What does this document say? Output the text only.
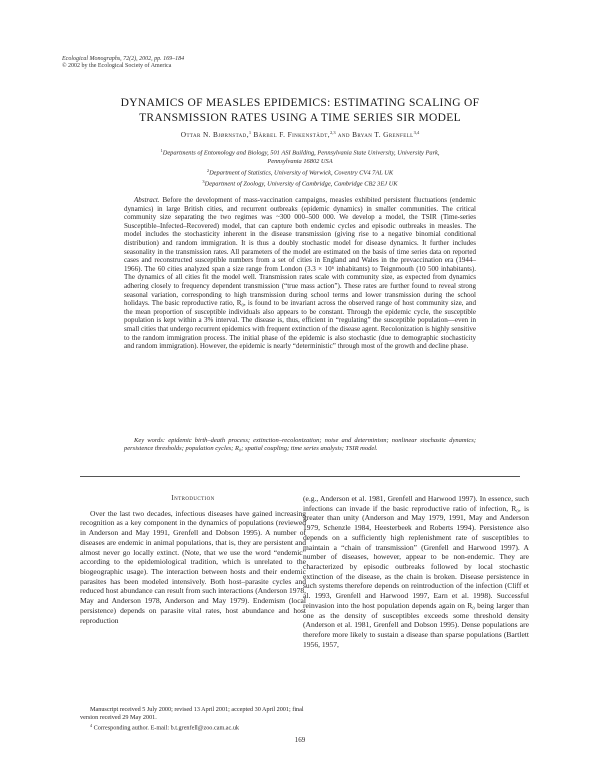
Ecological Monographs, 72(2), 2002, pp. 169–184
© 2002 by the Ecological Society of America
DYNAMICS OF MEASLES EPIDEMICS: ESTIMATING SCALING OF
TRANSMISSION RATES USING A TIME SERIES SIR MODEL
Ottar N. Bjørnstad,$^1$ Bärbel F. Finkenstädt,$^{2,3}$ and Bryan T. Grenfell$^{3,4}$
$^1$Departments of Entomology and Biology, 501 ASI Building, Pennsylvania State University, University Park,
Pennsylvania 16802 USA
$^2$Department of Statistics, University of Warwick, Coventry CV4 7AL UK
$^3$Department of Zoology, University of Cambridge, Cambridge CB2 3EJ UK
Abstract. Before the development of mass-vaccination campaigns, measles exhibited persistent fluctuations (endemic dynamics) in large British cities, and recurrent outbreaks (epidemic dynamics) in smaller communities. The critical community size separating the two regimes was ~300 000–500 000. We develop a model, the TSIR (Time-series Susceptible–Infected–Recovered) model, that can capture both endemic cycles and episodic outbreaks in measles. The model includes the stochasticity inherent in the disease transmission (giving rise to a negative binomial conditional distribution) and random immigration. It is thus a doubly stochastic model for disease dynamics. It further includes seasonality in the transmission rates. All parameters of the model are estimated on the basis of time series data on reported cases and reconstructed susceptible numbers from a set of cities in England and Wales in the prevaccination era (1944–1966). The 60 cities analyzed span a size range from London (3.3 × 10⁶ inhabitants) to Teignmouth (10 500 inhabitants). The dynamics of all cities fit the model well. Transmission rates scale with community size, as expected from dynamics adhering closely to frequency dependent transmission (“true mass action”). These rates are further found to reveal strong seasonal variation, corresponding to high transmission during school terms and lower transmission during the school holidays. The basic reproductive ratio, R₀, is found to be invariant across the observed range of host community size, and the mean proportion of susceptible individuals also appears to be constant. Through the epidemic cycle, the susceptible population is kept within a 3% interval. The disease is, thus, efficient in “regulating” the susceptible population—even in small cities that undergo recurrent epidemics with frequent extinction of the disease agent. Recolonization is highly sensitive to the random immigration process. The initial phase of the epidemic is also stochastic (due to demographic stochasticity and random immigration). However, the epidemic is nearly “deterministic” through most of the growth and decline phase.
Key words: epidemic birth–death process; extinction–recolonization; noise and determinism; nonlinear stochastic dynamics; persistence thresholds; population cycles; R₀; spatial coupling; time series analysis; TSIR model.
Introduction

Over the last two decades, infectious diseases have gained increasing recognition as a key component in the dynamics of populations (reviewed in Anderson and May 1991, Grenfell and Dobson 1995). A number of diseases are endemic in animal populations, that is, they are persistent and almost never go locally extinct. (Note, that we use the word “endemic” according to the epidemiological tradition, which is unrelated to the biogeographic usage). The interaction between hosts and their endemic parasites has been modeled intensively. Both host–parasite cycles and reduced host abundance can result from such interactions (Anderson 1978, May and Anderson 1978, Anderson and May 1979). Endemism (local persistence) depends on parasite vital rates, host abundance and host reproduction

(e.g., Anderson et al. 1981, Grenfell and Harwood 1997). In essence, such infections can invade if the basic reproductive ratio of infection, R₀, is greater than unity (Anderson and May 1979, 1991, May and Anderson 1979, Schenzle 1984, Heesterbeek and Roberts 1994). Persistence also depends on a sufficiently high replenishment rate of susceptibles to maintain a “chain of transmission” (Grenfell and Harwood 1997). A number of diseases, however, appear to be non-endemic. They are characterized by episodic outbreaks followed by local stochastic extinction of the disease, as the chain is broken. Disease persistence in such systems therefore depends on reintroduction of the infection (Cliff et al. 1993, Grenfell and Harwood 1997, Earn et al. 1998). Successful reinvasion into the host population depends again on R₀ being larger than one as the density of susceptibles exceeds some threshold density (Anderson et al. 1981, Grenfell and Dobson 1995). Dense populations are therefore more likely to sustain a disease than sparse populations (Bartlett 1956, 1957,

Manuscript received 5 July 2000; revised 13 April 2001; accepted 30 April 2001; final version received 29 May 2001.

$^4$ Corresponding author. E-mail: b.t.grenfell@zoo.cam.ac.uk

169
